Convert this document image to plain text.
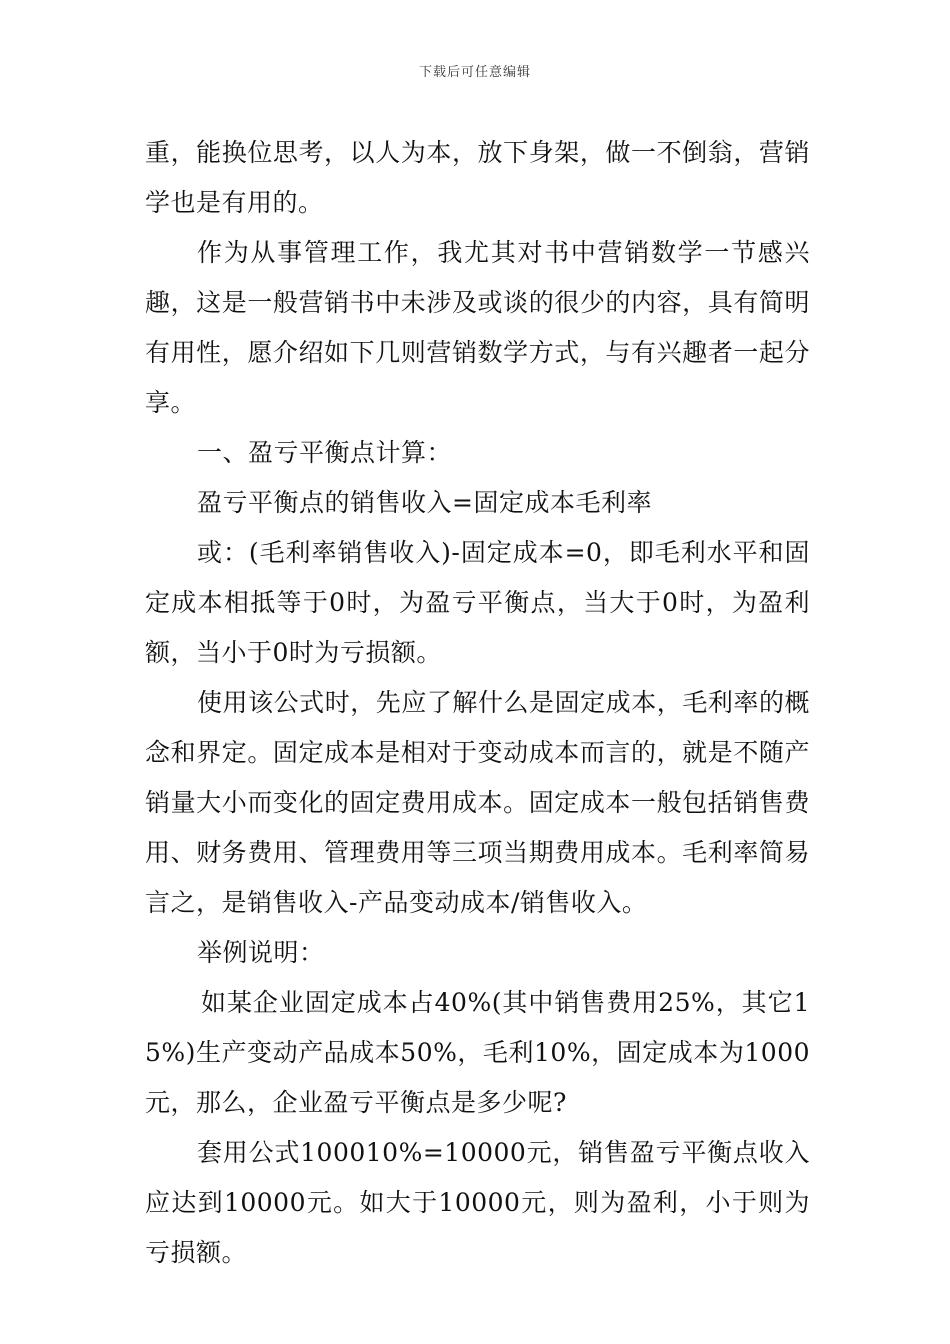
下载后可任意编辑

重，能换位思考，以人为本，放下身架，做一不倒翁，营销学也是有用的。

作为从事管理工作，我尤其对书中营销数学一节感兴趣，这是一般营销书中未涉及或谈的很少的内容，具有简明有用性，愿介绍如下几则营销数学方式，与有兴趣者一起分享。

一、盈亏平衡点计算：

盈亏平衡点的销售收入=固定成本毛利率

或：(毛利率销售收入)-固定成本=0，即毛利水平和固定成本相抵等于0时，为盈亏平衡点，当大于0时，为盈利额，当小于0时为亏损额。

使用该公式时，先应了解什么是固定成本，毛利率的概念和界定。固定成本是相对于变动成本而言的，就是不随产销量大小而变化的固定费用成本。固定成本一般包括销售费用、财务费用、管理费用等三项当期费用成本。毛利率简易言之，是销售收入-产品变动成本/销售收入。

举例说明：

如某企业固定成本占40%(其中销售费用25%，其它15%)生产变动产品成本50%，毛利10%，固定成本为1000元，那么，企业盈亏平衡点是多少呢?

套用公式100010%=10000元，销售盈亏平衡点收入应达到10000元。如大于10000元，则为盈利，小于则为亏损额。
